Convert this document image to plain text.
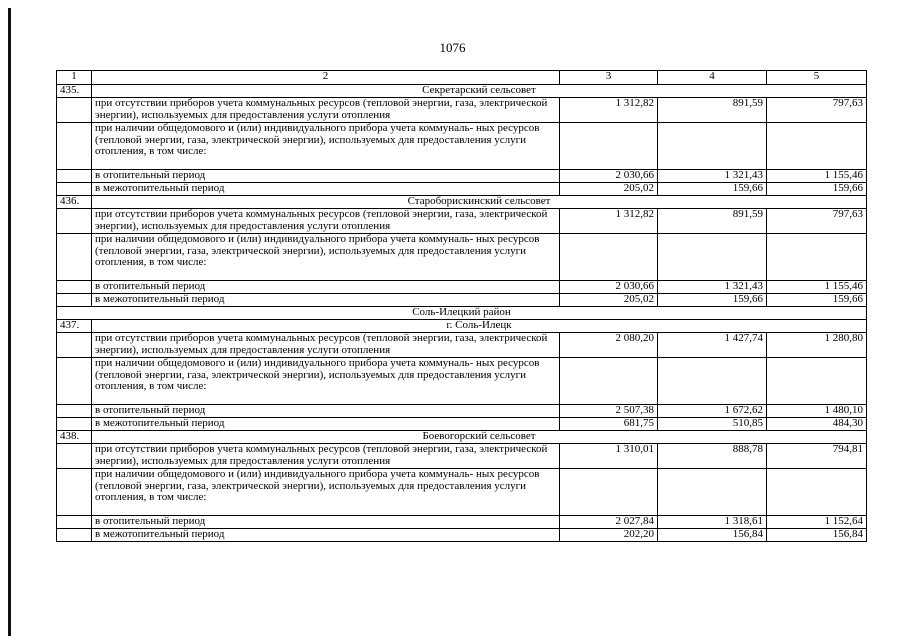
1076
1	2	3	4	5
435.	Секретарский сельсовет			
	при отсутствии приборов учета коммунальных ресурсов (тепловой энергии, газа, электрической энергии), используемых для предоставления услуги отопления	1 312,82	891,59	797,63
	при наличии общедомового и (или) индивидуального прибора учета коммуналь- ных ресурсов (тепловой энергии, газа, электрической энергии), используемых для предоставления услуги отопления, в том числе:			
	в отопительный период	2 030,66	1 321,43	1 155,46
	в межотопительный период	205,02	159,66	159,66
436.	Староборискинский сельсовет			
	при отсутствии приборов учета коммунальных ресурсов (тепловой энергии, газа, электрической энергии), используемых для предоставления услуги отопления	1 312,82	891,59	797,63
	при наличии общедомового и (или) индивидуального прибора учета коммуналь- ных ресурсов (тепловой энергии, газа, электрической энергии), используемых для предоставления услуги отопления, в том числе:			
	в отопительный период	2 030,66	1 321,43	1 155,46
	в межотопительный период	205,02	159,66	159,66
Соль-Илецкий район				
437.	г. Соль-Илецк			
	при отсутствии приборов учета коммунальных ресурсов (тепловой энергии, газа, электрической энергии), используемых для предоставления услуги отопления	2 080,20	1 427,74	1 280,80
	при наличии общедомового и (или) индивидуального прибора учета коммуналь- ных ресурсов (тепловой энергии, газа, электрической энергии), используемых для предоставления услуги отопления, в том числе:			
	в отопительный период	2 507,38	1 672,62	1 480,10
	в межотопительный период	681,75	510,85	484,30
438.	Боевогорский сельсовет			
	при отсутствии приборов учета коммунальных ресурсов (тепловой энергии, газа, электрической энергии), используемых для предоставления услуги отопления	1 310,01	888,78	794,81
	при наличии общедомового и (или) индивидуального прибора учета коммуналь- ных ресурсов (тепловой энергии, газа, электрической энергии), используемых для предоставления услуги отопления, в том числе:			
	в отопительный период	2 027,84	1 318,61	1 152,64
	в межотопительный период	202,20	156,84	156,84
